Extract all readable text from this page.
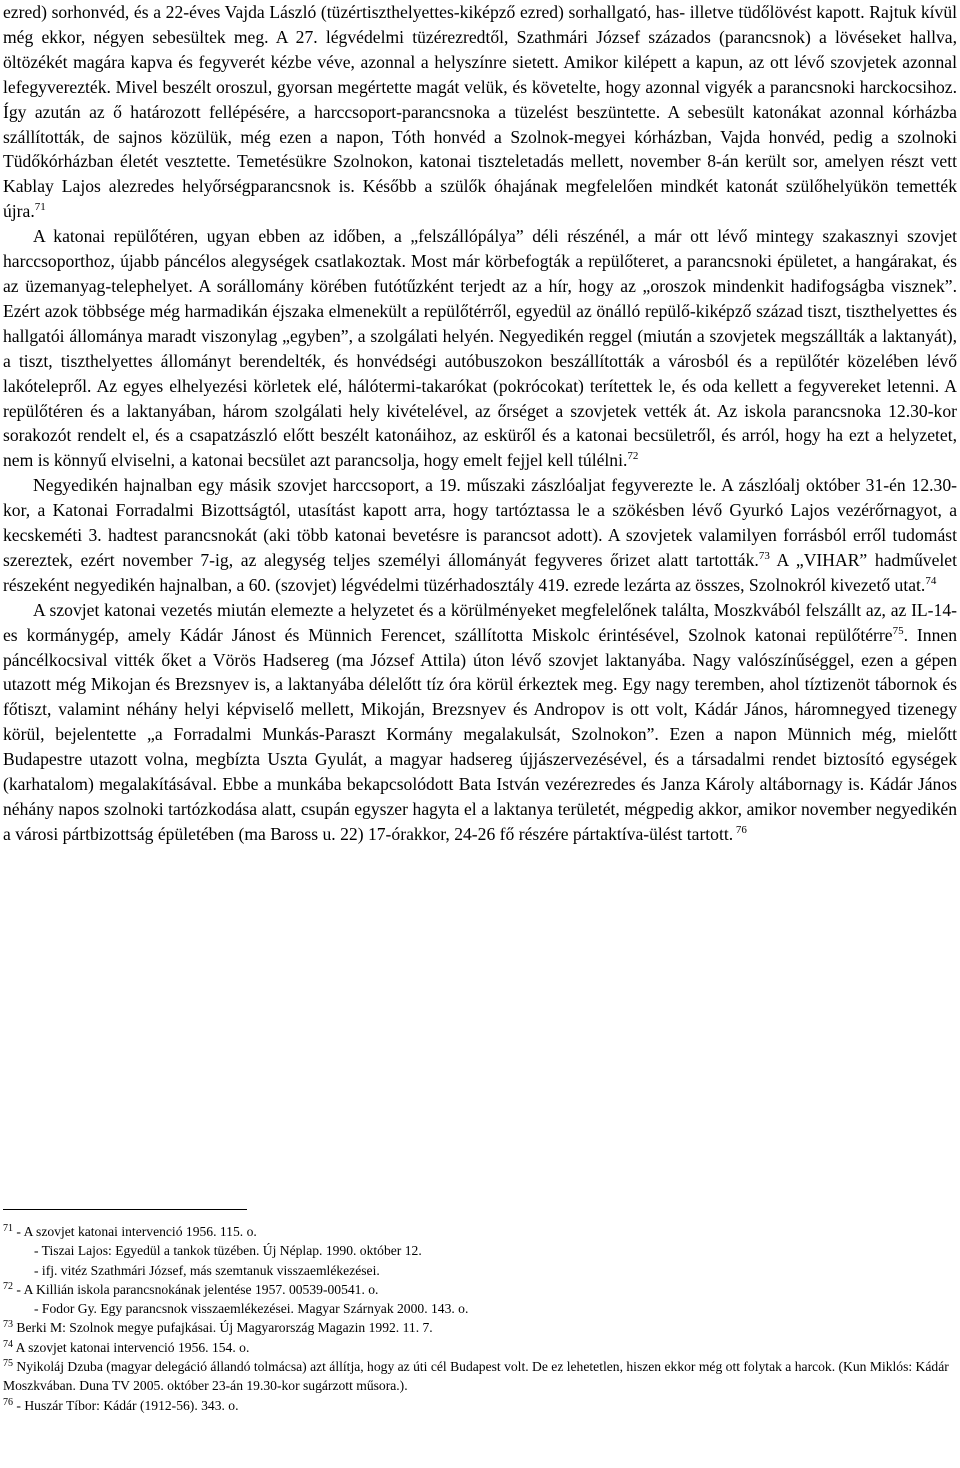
ezred) sorhonvéd, és a 22-éves Vajda László (tüzértiszthelyettes-kiképző ezred) sorhallgató, has- illetve tüdőlövést kapott. Rajtuk kívül még ekkor, négyen sebesültek meg. A 27. légvédelmi tüzérezredtől, Szathmári József százados (parancsnok) a lövéseket hallva, öltözékét magára kapva és fegyverét kézbe véve, azonnal a helyszínre sietett. Amikor kilépett a kapun, az ott lévő szovjetek azonnal lefegyverezték. Mivel beszélt oroszul, gyorsan megértette magát velük, és követelte, hogy azonnal vigyék a parancsnoki harckocsihoz. Így azután az ő határozott fellépésére, a harccsoport-parancsnoka a tüzelést beszüntette. A sebesült katonákat azonnal kórházba szállították, de sajnos közülük, még ezen a napon, Tóth honvéd a Szolnok-megyei kórházban, Vajda honvéd, pedig a szolnoki Tüdőkórházban életét vesztette. Temetésükre Szolnokon, katonai tiszteletadás mellett, november 8-án került sor, amelyen részt vett Kablay Lajos alezredes helyőrségparancsnok is. Később a szülők óhajának megfelelően mindkét katonát szülőhelyükön temették újra.$^{71}$

A katonai repülőtéren, ugyan ebben az időben, a „felszállópálya” déli részénél, a már ott lévő mintegy szakasznyi szovjet harccsoporthoz, újabb páncélos alegységek csatlakoztak. Most már körbefogták a repülőteret, a parancsnoki épületet, a hangárakat, és az üzemanyag-telephelyet. A sorállomány körében futótűzként terjedt az a hír, hogy az „oroszok mindenkit hadifogságba visznek”. Ezért azok többsége még harmadikán éjszaka elmenekült a repülőtérről, egyedül az önálló repülő-kiképző század tiszt, tiszthelyettes és hallgatói állománya maradt viszonylag „egyben”, a szolgálati helyén. Negyedikén reggel (miután a szovjetek megszállták a laktanyát), a tiszt, tiszthelyettes állományt berendelték, és honvédségi autóbuszokon beszállították a városból és a repülőtér közelében lévő lakótelepről. Az egyes elhelyezési körletek elé, hálótermi-takarókat (pokrócokat) terítettek le, és oda kellett a fegyvereket letenni. A repülőtéren és a laktanyában, három szolgálati hely kivételével, az őrséget a szovjetek vették át. Az iskola parancsnoka 12.30-kor sorakozót rendelt el, és a csapatzászló előtt beszélt katonáihoz, az esküről és a katonai becsületről, és arról, hogy ha ezt a helyzetet, nem is könnyű elviselni, a katonai becsület azt parancsolja, hogy emelt fejjel kell túlélni.$^{72}$

Negyedikén hajnalban egy másik szovjet harccsoport, a 19. műszaki zászlóaljat fegyverezte le. A zászlóalj október 31-én 12.30-kor, a Katonai Forradalmi Bizottságtól, utasítást kapott arra, hogy tartóztassa le a szökésben lévő Gyurkó Lajos vezérőrnagyot, a kecskeméti 3. hadtest parancsnokát (aki több katonai bevetésre is parancsot adott). A szovjetek valamilyen forrásból erről tudomást szereztek, ezért november 7-ig, az alegység teljes személyi állományát fegyveres őrizet alatt tartották.$^{73}$ A „VIHAR” hadművelet részeként negyedikén hajnalban, a 60. (szovjet) légvédelmi tüzérhadosztály 419. ezrede lezárta az összes, Szolnokról kivezető utat.$^{74}$

A szovjet katonai vezetés miután elemezte a helyzetet és a körülményeket megfelelőnek találta, Moszkvából felszállt az, az IL-14-es kormánygép, amely Kádár Jánost és Münnich Ferencet, szállította Miskolc érintésével, Szolnok katonai repülőtérre$^{75}$. Innen páncélkocsival vitték őket a Vörös Hadsereg (ma József Attila) úton lévő szovjet laktanyába. Nagy valószínűséggel, ezen a gépen utazott még Mikojan és Brezsnyev is, a laktanyába délelőtt tíz óra körül érkeztek meg. Egy nagy teremben, ahol tíztizenöt tábornok és főtiszt, valamint néhány helyi képviselő mellett, Mikoján, Brezsnyev és Andropov is ott volt, Kádár János, háromnegyed tizenegy körül, bejelentette „a Forradalmi Munkás-Paraszt Kormány megalakulsát, Szolnokon”. Ezen a napon Münnich még, mielőtt Budapestre utazott volna, megbízta Uszta Gyulát, a magyar hadsereg újjászervezésével, és a társadalmi rendet biztosító egységek (karhatalom) megalakításával. Ebbe a munkába bekapcsolódott Bata István vezérezredes és Janza Károly altábornagy is. Kádár János néhány napos szolnoki tartózkodása alatt, csupán egyszer hagyta el a laktanya területét, mégpedig akkor, amikor november negyedikén a városi pártbizottság épületében (ma Baross u. 22) 17-órakkor, 24-26 fő részére pártaktíva-ülést tartott. $^{76}$

$^{71}$ - A szovjet katonai intervenció 1956. 115. o.
- Tiszai Lajos: Egyedül a tankok tüzében. Új Néplap. 1990. október 12.
- ifj. vitéz Szathmári József, más szemtanuk visszaemlékezései.
$^{72}$ - A Killián iskola parancsnokának jelentése 1957. 00539-00541. o.
- Fodor Gy. Egy parancsnok visszaemlékezései. Magyar Szárnyak 2000. 143. o.
$^{73}$ Berki M: Szolnok megye pufajkásai. Új Magyarország Magazin 1992. 11. 7.
$^{74}$ A szovjet katonai intervenció 1956. 154. o.
$^{75}$ Nyikoláj Dzuba (magyar delegáció állandó tolmácsa) azt állítja, hogy az úti cél Budapest volt. De ez lehetetlen, hiszen ekkor még ott folytak a harcok. (Kun Miklós: Kádár Moszkvában. Duna TV 2005. október 23-án 19.30-kor sugárzott műsora.).
$^{76}$ - Huszár Tíbor: Kádár (1912-56). 343. o.
